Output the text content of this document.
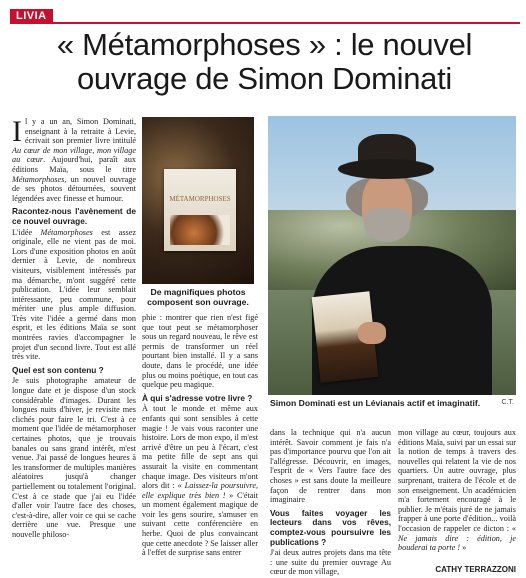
LIVIA
« Métamorphoses » : le nouvel ouvrage de Simon Dominati

Il y a un an, Simon Dominati, enseignant à la retraite à Levie, écrivait son premier livre intitulé Au cœur de mon village, mon village au cœur. Aujourd'hui, paraît aux éditions Maïa, sous le titre Métamorphoses, un nouvel ouvrage de ses photos détournées, souvent légendées avec finesse et humour.

Racontez-nous l'avènement de ce nouvel ouvrage.

L'idée Métamorphoses est assez originale, elle ne vient pas de moi. Lors d'une exposition photos en août dernier à Levie, de nombreux visiteurs, visiblement intéressés par ma démarche, m'ont suggéré cette publication. L'idée leur semblait intéressante, peu commune, pour mériter une plus ample diffusion. Très vite l'idée a germé dans mon esprit, et les éditions Maïa se sont montrées ravies d'accompagner le projet d'un second livre. Tout est allé très vite.

Quel est son contenu ?

Je suis photographe amateur de longue date et je dispose d'un stock considérable d'images. Durant les longues nuits d'hiver, je revisite mes clichés pour faire le tri. C'est à ce moment que l'idée de métamorphoser certaines photos, que je trouvais banales ou sans grand intérêt, m'est venue. J'ai passé de longues heures à les transformer de multiples manières aléatoires jusqu'à changer partiellement ou totalement l'original. C'est à ce stade que j'ai eu l'idée d'aller voir l'autre face des choses, c'est-à-dire, aller voir ce qui se cache derrière une vue. Presque une nouvelle philoso-

MÉTAMORPHOSES
De magnifiques photos composent son ouvrage.

phie : montrer que rien n'est figé que tout peut se métamorphoser sous un regard nouveau, le rêve est permis de transformer un réel pourtant bien installé. Il y a sans doute, dans le procédé, une idée plus ou moins poétique, en tout cas quelque peu magique.

À qui s'adresse votre livre ?

À tout le monde et même aux enfants qui sont sensibles à cette magie ! Je vais vous raconter une histoire. Lors de mon expo, il m'est arrivé d'être un peu à l'écart, c'est ma petite fille de sept ans qui assurait la visite en commentant chaque image. Des visiteurs m'ont alors dit : « Laissez-la poursuivre, elle explique très bien ! » C'était un moment également magique de voir les gens sourire, s'amuser en suivant cette conférencière en herbe. Quoi de plus convaincant que cette anecdote ? Se laisser aller à l'effet de surprise sans entrer

Simon Dominati est un Lévianais actif et imaginatif.	C.T.

dans la technique qui n'a aucun intérêt. Savoir comment je fais n'a pas d'importance pourvu que l'on ait l'allégresse. Découvrir, en images, l'esprit de « Vers l'autre face des choses » est sans doute la meilleure façon de rentrer dans mon imaginaire

Vous faites voyager les lecteurs dans vos rêves, comptez-vous poursuivre les publications ?

J'ai deux autres projets dans ma tête : une suite du premier ouvrage Au cœur de mon village,

mon village au cœur, toujours aux éditions Maïa, suivi par un essai sur la notion de temps à travers des nouvelles qui relatent la vie de nos quartiers. Un autre ouvrage, plus surprenant, traitera de l'école et de son enseignement. Un académicien m'a fortement encouragé à le publier. Je m'étais juré de ne jamais frapper à une porte d'édition... voilà l'occasion de rappeler ce dicton : « Ne jamais dire : édition, je bouderai ta porte ! »

CATHY TERRAZZONI
